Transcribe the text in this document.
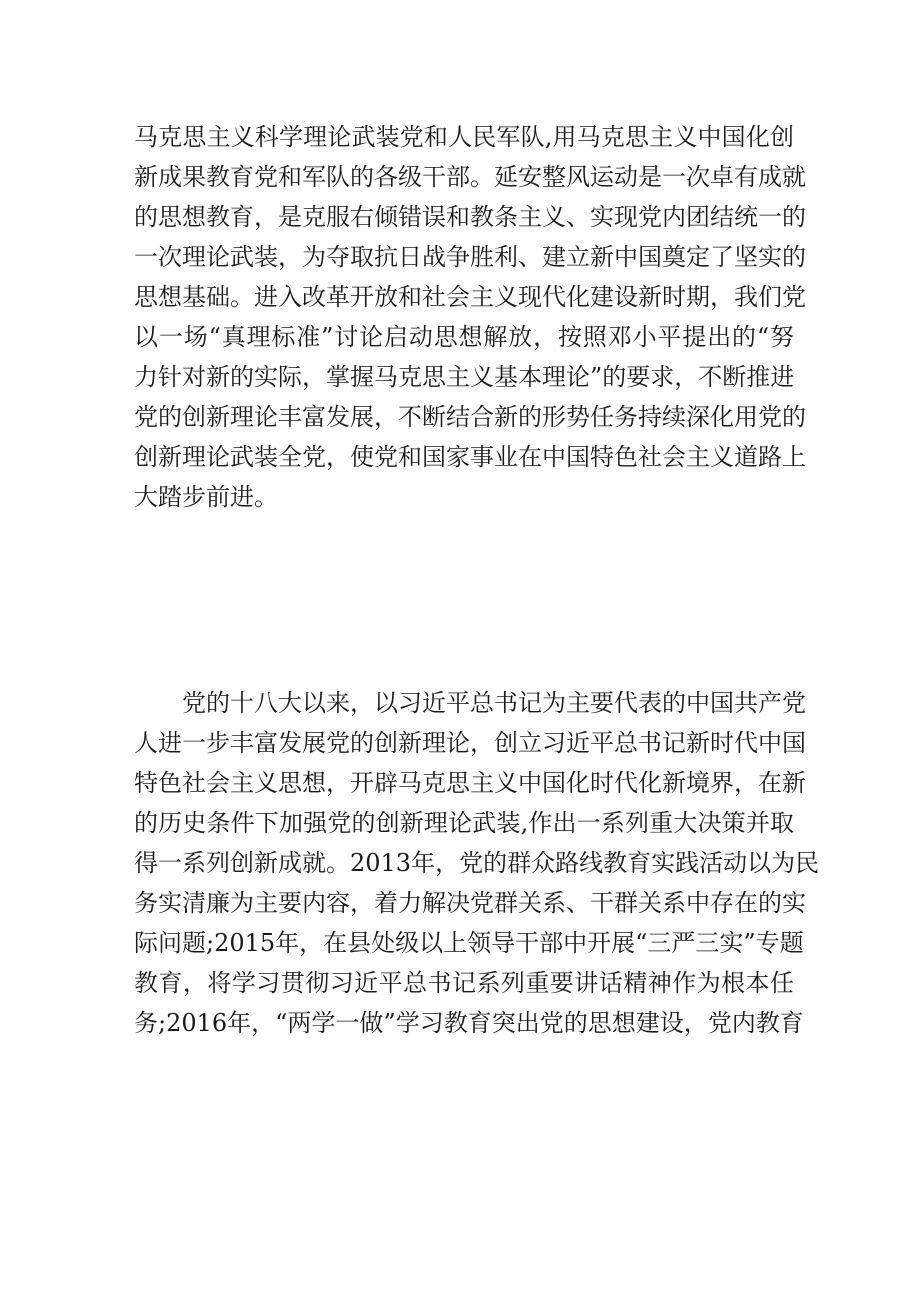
马克思主义科学理论武装党和人民军队,用马克思主义中国化创
新成果教育党和军队的各级干部。延安整风运动是一次卓有成就
的思想教育，是克服右倾错误和教条主义、实现党内团结统一的
一次理论武装，为夺取抗日战争胜利、建立新中国奠定了坚实的
思想基础。进入改革开放和社会主义现代化建设新时期，我们党
以一场“真理标准”讨论启动思想解放，按照邓小平提出的“努
力针对新的实际，掌握马克思主义基本理论”的要求，不断推进
党的创新理论丰富发展，不断结合新的形势任务持续深化用党的
创新理论武装全党，使党和国家事业在中国特色社会主义道路上
大踏步前进。
　　党的十八大以来，以习近平总书记为主要代表的中国共产党
人进一步丰富发展党的创新理论，创立习近平总书记新时代中国
特色社会主义思想，开辟马克思主义中国化时代化新境界，在新
的历史条件下加强党的创新理论武装,作出一系列重大决策并取
得一系列创新成就。2013年，党的群众路线教育实践活动以为民
务实清廉为主要内容，着力解决党群关系、干群关系中存在的实
际问题;2015年，在县处级以上领导干部中开展“三严三实”专题
教育，将学习贯彻习近平总书记系列重要讲话精神作为根本任
务;2016年，“两学一做”学习教育突出党的思想建设，党内教育
